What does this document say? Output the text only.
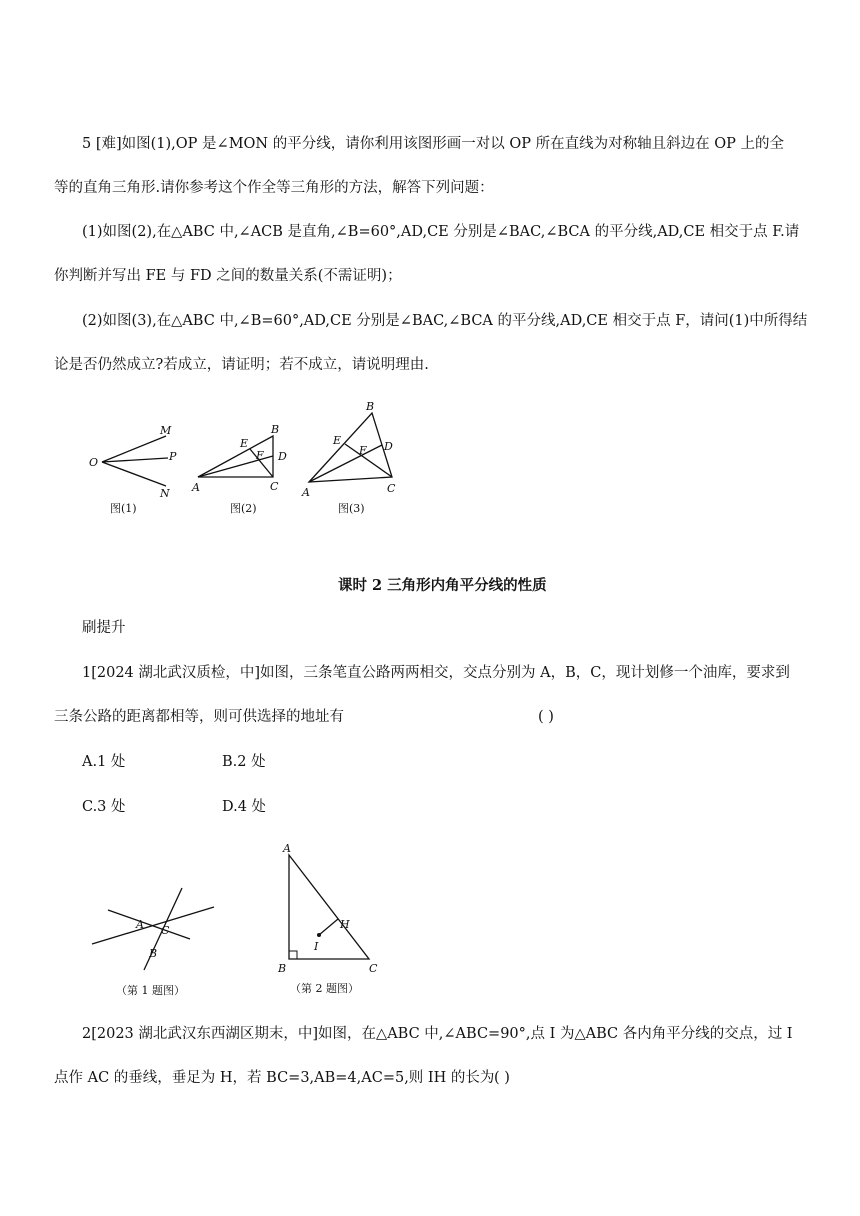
5 [难]如图(1),OP 是∠MON 的平分线，请你利用该图形画一对以 OP 所在直线为对称轴且斜边在 OP 上的全
等的直角三角形.请你参考这个作全等三角形的方法，解答下列问题：
(1)如图(2),在△ABC 中,∠ACB 是直角,∠B=60°,AD,CE 分别是∠BAC,∠BCA 的平分线,AD,CE 相交于点 F.请
你判断并写出 FE 与 FD 之间的数量关系(不需证明)；
(2)如图(3),在△ABC 中,∠B=60°,AD,CE 分别是∠BAC,∠BCA 的平分线,AD,CE 相交于点 F，请问(1)中所得结
论是否仍然成立?若成立，请证明；若不成立，请说明理由.
O
M
P
N
图(1)
A
B
C
D
E
F
图(2)
A
B
C
D
E
F
图(3)
课时 2 三角形内角平分线的性质
刷提升
1[2024 湖北武汉质检，中]如图，三条笔直公路两两相交，交点分别为 A，B，C，现计划修一个油库，要求到
三条公路的距离都相等，则可供选择的地址有	( )
A.1 处	B.2 处
C.3 处	D.4 处
A C
B
（第 1 题图）
A
B	C
H
I
（第 2 题图）
2[2023 湖北武汉东西湖区期末，中]如图，在△ABC 中,∠ABC=90°,点 I 为△ABC 各内角平分线的交点，过 I
点作 AC 的垂线，垂足为 H，若 BC=3,AB=4,AC=5,则 IH 的长为 ( )
